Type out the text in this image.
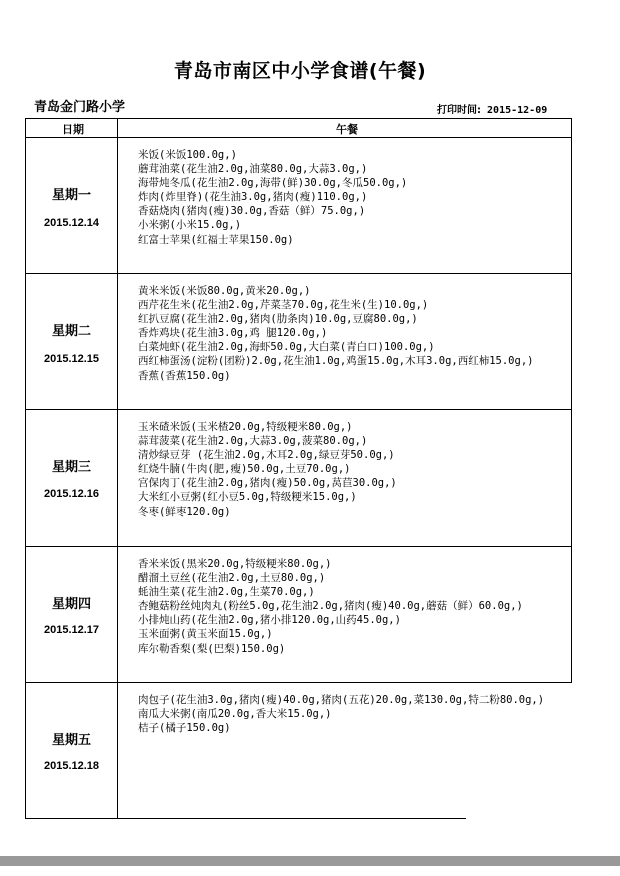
青岛市南区中小学食谱(午餐)
青岛金门路小学	打印时间: 2015-12-09
日期	午餐
星期一
2015.12.14
米饭(米饭100.0g,)
蘑茸油菜(花生油2.0g,油菜80.0g,大蒜3.0g,)
海带炖冬瓜(花生油2.0g,海带(鲜)30.0g,冬瓜50.0g,)
炸肉(炸里脊)(花生油3.0g,猪肉(瘦)110.0g,)
香菇烧肉(猪肉(瘦)30.0g,香菇（鲜）75.0g,)
小米粥(小米15.0g,)
红富士苹果(红福士苹果150.0g)
星期二
2015.12.15
黄米米饭(米饭80.0g,黄米20.0g,)
西芹花生米(花生油2.0g,芹菜茎70.0g,花生米(生)10.0g,)
红扒豆腐(花生油2.0g,猪肉(肋条肉)10.0g,豆腐80.0g,)
香炸鸡块(花生油3.0g,鸡 腿120.0g,)
白菜炖虾(花生油2.0g,海虾50.0g,大白菜(青白口)100.0g,)
西红柿蛋汤(淀粉(团粉)2.0g,花生油1.0g,鸡蛋15.0g,木耳3.0g,西红柿15.0g,)
香蕉(香蕉150.0g)
星期三
2015.12.16
玉米碴米饭(玉米楂20.0g,特级粳米80.0g,)
蒜茸菠菜(花生油2.0g,大蒜3.0g,菠菜80.0g,)
清炒绿豆芽 (花生油2.0g,木耳2.0g,绿豆芽50.0g,)
红烧牛腩(牛肉(肥,瘦)50.0g,土豆70.0g,)
宫保肉丁(花生油2.0g,猪肉(瘦)50.0g,莴苣30.0g,)
大米红小豆粥(红小豆5.0g,特级粳米15.0g,)
冬枣(鲜枣120.0g)
星期四
2015.12.17
香米米饭(黑米20.0g,特级粳米80.0g,)
醋溜土豆丝(花生油2.0g,土豆80.0g,)
蚝油生菜(花生油2.0g,生菜70.0g,)
杏鲍菇粉丝炖肉丸(粉丝5.0g,花生油2.0g,猪肉(瘦)40.0g,蘑菇（鲜）60.0g,)
小排炖山药(花生油2.0g,猪小排120.0g,山药45.0g,)
玉米面粥(黄玉米面15.0g,)
库尔勒香梨(梨(巴梨)150.0g)
星期五
2015.12.18
肉包子(花生油3.0g,猪肉(瘦)40.0g,猪肉(五花)20.0g,菜130.0g,特二粉80.0g,)
南瓜大米粥(南瓜20.0g,香大米15.0g,)
桔子(橘子150.0g)
